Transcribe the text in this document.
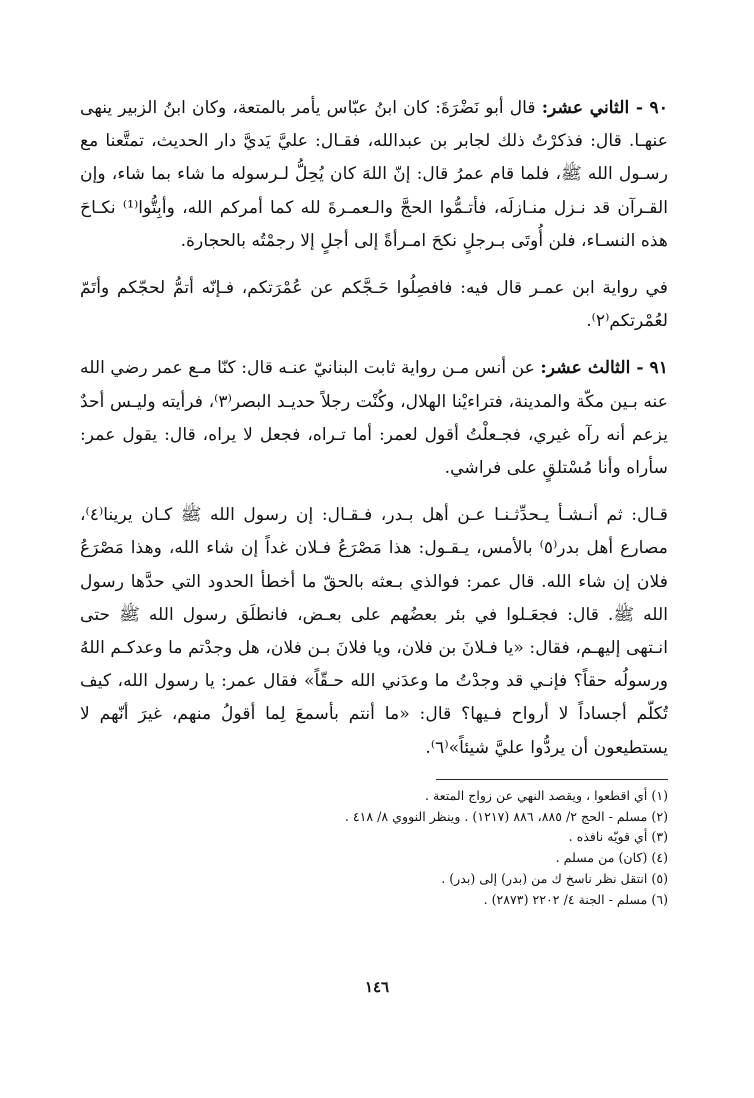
٩٠ - الثاني عشر: قال أبو نَضْرَةَ: كان ابنُ عبّاس يأمر بالمتعة، وكان ابنُ الزبير ينهى عنهـا. قال: فذكرْتُ ذلك لجابر بن عبدالله، فقـال: عليَّ يَديَّ دار الحديث، تمتَّعنا مع رسـول الله ﷺ، فلما قام عمرُ قال: إنّ اللهَ كان يُحِلُّ لـرسوله ما شاء بما شاء، وإن القـرآن قد نـزل منـازلَه، فأتـمُّوا الحجَّ والـعمـرةَ لله كما أمركم الله، وأبِتُّوا⁽¹⁾ نكـاحَ هذه النسـاء، فلن أُوتَى بـرجلٍ نكحَ امـرأةً إلى أجلٍ إلا رجمْتُه بالحجارة.

في رواية ابن عمـر قال فيه: فافصِلُوا حَـجَّكم عن عُمْرَتكم، فـإنّه أتمُّ لحجّكم وأتَمّ لعُمْرتكم⁽٢⁾.

٩١ - الثالث عشر: عن أنس مـن رواية ثابت البنانيّ عنـه قال: كنّا مـع عمر رضي الله عنه بـين مكّة والمدينة، فتراءيْنا الهلال، وكُنْت رجلاً حديـد البصر⁽٣⁾، فرأيته وليـس أحدٌ يزعم أنه رآه غيري، فجـعلْتُ أقول لعمر: أما تـراه، فجعل لا يراه، قال: يقول عمر: سأراه وأنا مُسْتلقٍ على فراشي.

قـال: ثم أنـشـأ يـحدِّثـنـا عـن أهل بـدر، فـقـال: إن رسول الله ﷺ كـان يرينا⁽٤⁾، مصارع أهل بدر⁽٥⁾ بالأمس، يـقـول: هذا مَصْرَعُ فـلان غداً إن شاء الله، وهذا مَصْرَعُ فلان إن شاء الله. قال عمر: فوالذي بـعثه بالحقّ ما أخطأ الحدود التي حدَّها رسول الله ﷺ. قال: فجعَـلوا في بئر بعضُهم على بعـض، فانطلَق رسول الله ﷺ حتى انـتهى إليهـم، فقال: «يا فـلانَ بن فلان، ويا فلانَ بـن فلان، هل وجدْتم ما وعدكـم اللهُ ورسولُه حقاً؟ فإنـي قد وجدْتُ ما وعدَني الله حـقّاً» فقال عمر: يا رسول الله، كيف تُكلّم أجساداً لا أرواح فـيها؟ قال: «ما أنتم بأسمعَ لِما أقولُ منهم، غيرَ أنّهم لا يستطيعون أن يردُّوا عليَّ شيئاً»⁽٦⁾.

(١) أي اقطعوا ، ويقصد النهي عن زواج المتعة .

(٢) مسلم - الحج ٢/ ٨٨٥، ٨٨٦ (١٢١٧) . وينظر النووي ٨/ ٤١٨ .

(٣) أي قويّه نافذه .

(٤) (كان) من مسلم .

(٥) انتقل نظر ناسخ ك من (بدر) إلى (بدر) .

(٦) مسلم - الجنة ٤/ ٢٢٠٢ (٢٨٧٣) .

١٤٦
